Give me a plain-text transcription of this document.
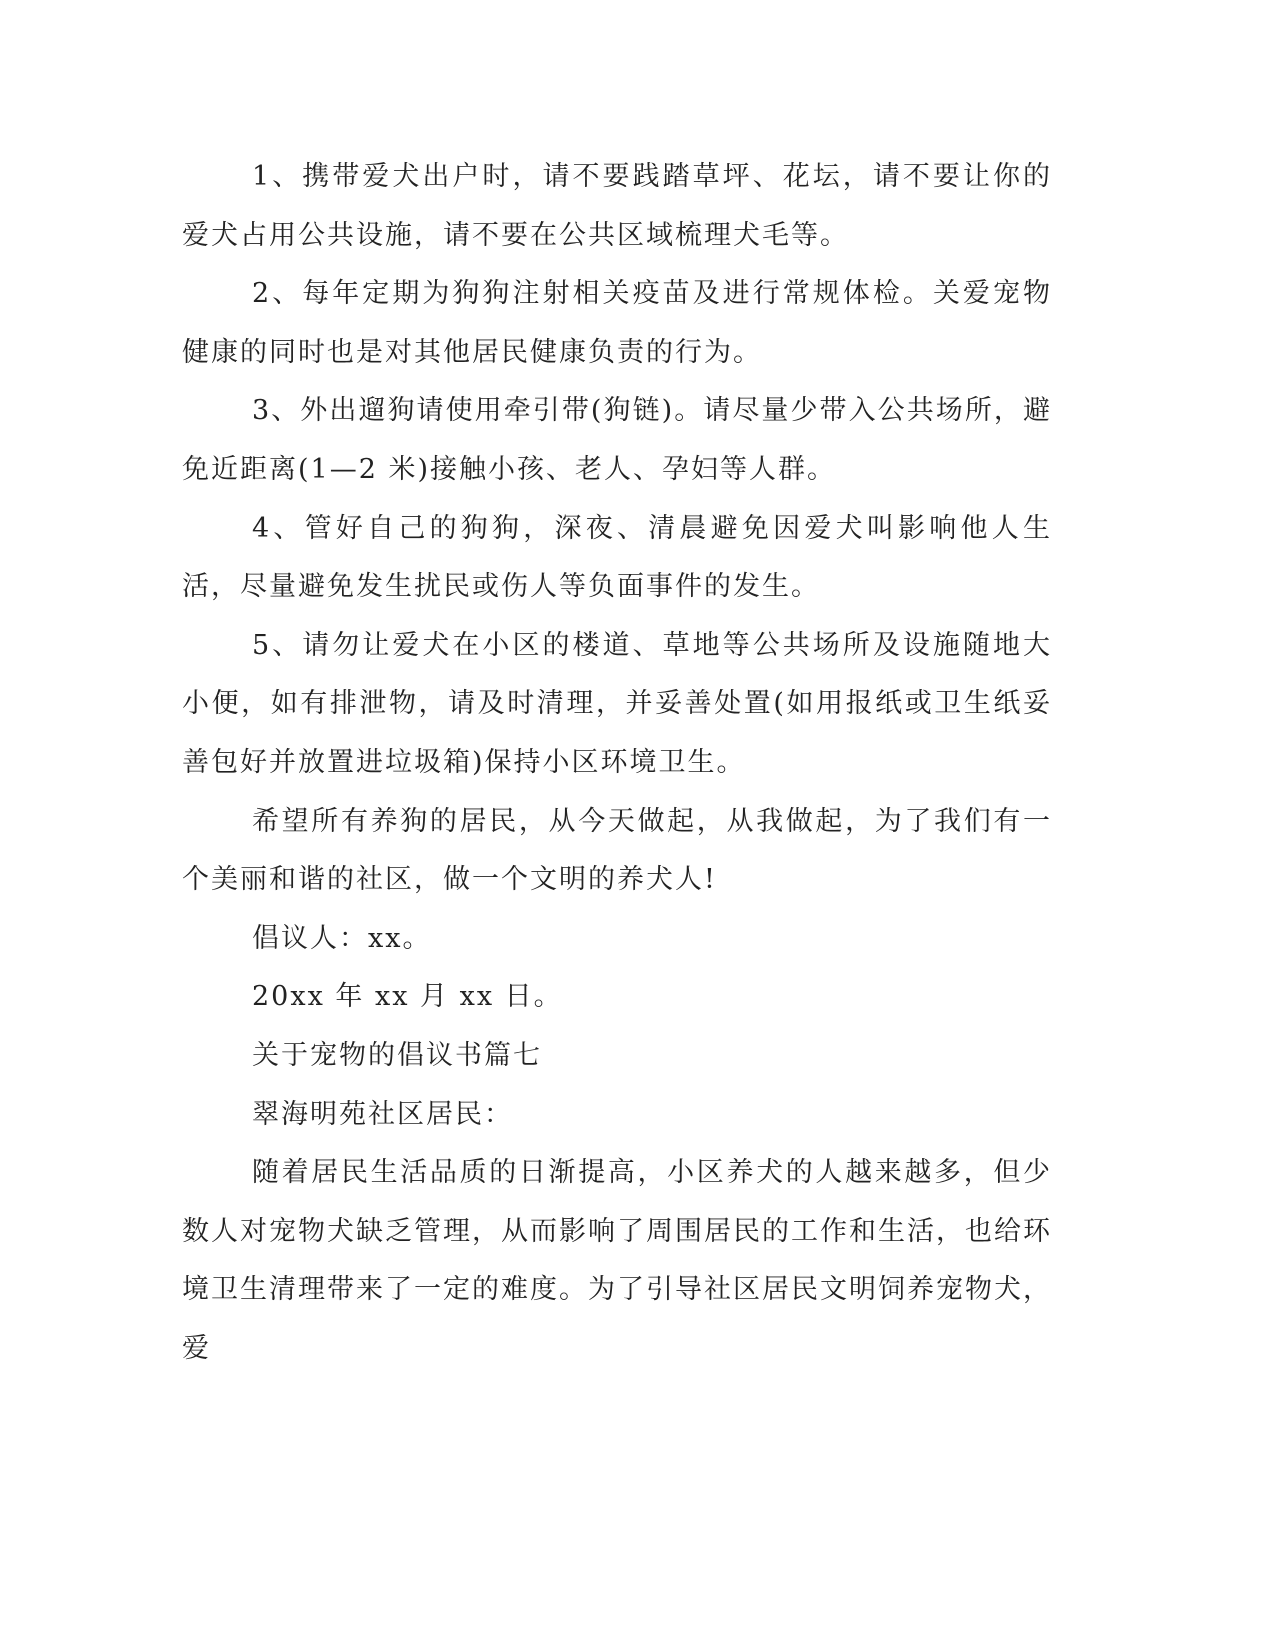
1、携带爱犬出户时，请不要践踏草坪、花坛，请不要让你的爱犬占用公共设施，请不要在公共区域梳理犬毛等。

2、每年定期为狗狗注射相关疫苗及进行常规体检。关爱宠物健康的同时也是对其他居民健康负责的行为。

3、外出遛狗请使用牵引带(狗链)。请尽量少带入公共场所，避免近距离(1—2 米)接触小孩、老人、孕妇等人群。

4、管好自己的狗狗，深夜、清晨避免因爱犬叫影响他人生活，尽量避免发生扰民或伤人等负面事件的发生。

5、请勿让爱犬在小区的楼道、草地等公共场所及设施随地大小便，如有排泄物，请及时清理，并妥善处置(如用报纸或卫生纸妥善包好并放置进垃圾箱)保持小区环境卫生。

希望所有养狗的居民，从今天做起，从我做起，为了我们有一个美丽和谐的社区，做一个文明的养犬人!

倡议人：xx。

20xx 年 xx 月 xx 日。

关于宠物的倡议书篇七

翠海明苑社区居民：

随着居民生活品质的日渐提高，小区养犬的人越来越多，但少数人对宠物犬缺乏管理，从而影响了周围居民的工作和生活，也给环境卫生清理带来了一定的难度。为了引导社区居民文明饲养宠物犬，爱
